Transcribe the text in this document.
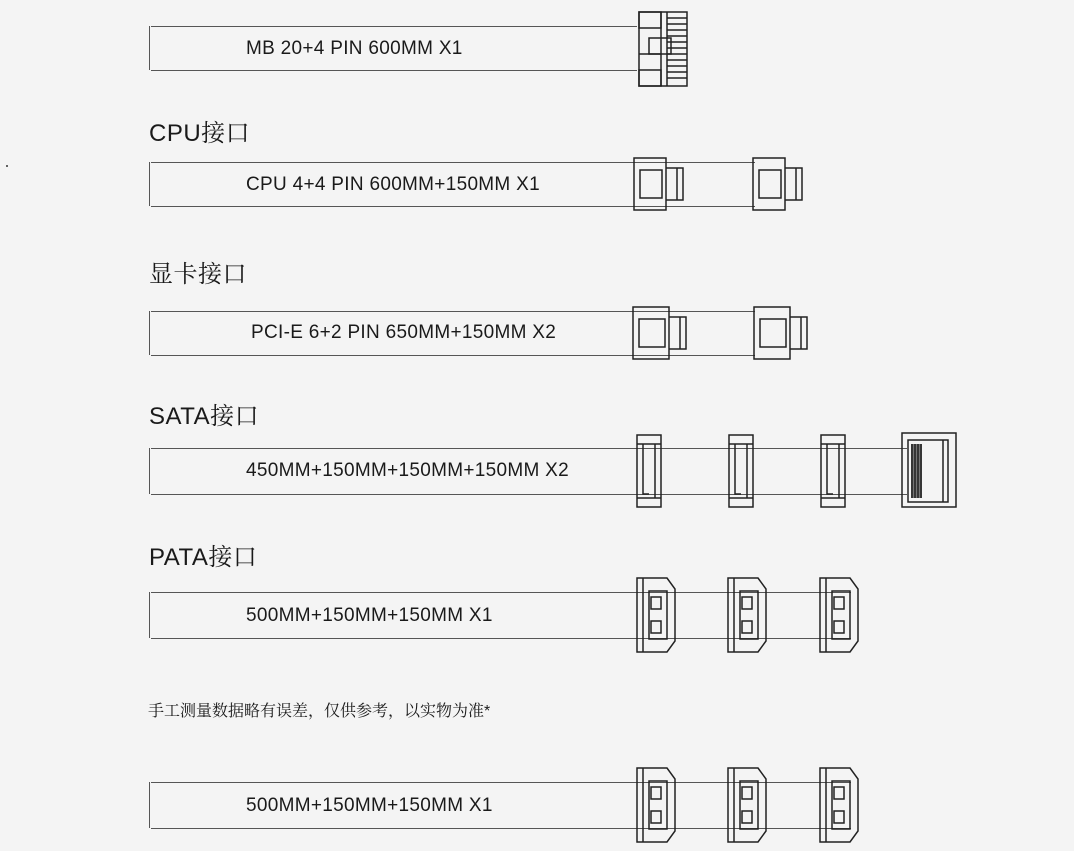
MB 20+4 PIN 600MM X1
CPU接口
CPU 4+4 PIN 600MM+150MM X1
显卡接口
PCI-E 6+2 PIN 650MM+150MM X2
SATA接口
450MM+150MM+150MM+150MM X2
PATA接口
500MM+150MM+150MM X1
手工测量数据略有误差，仅供参考，以实物为准*
500MM+150MM+150MM X1
